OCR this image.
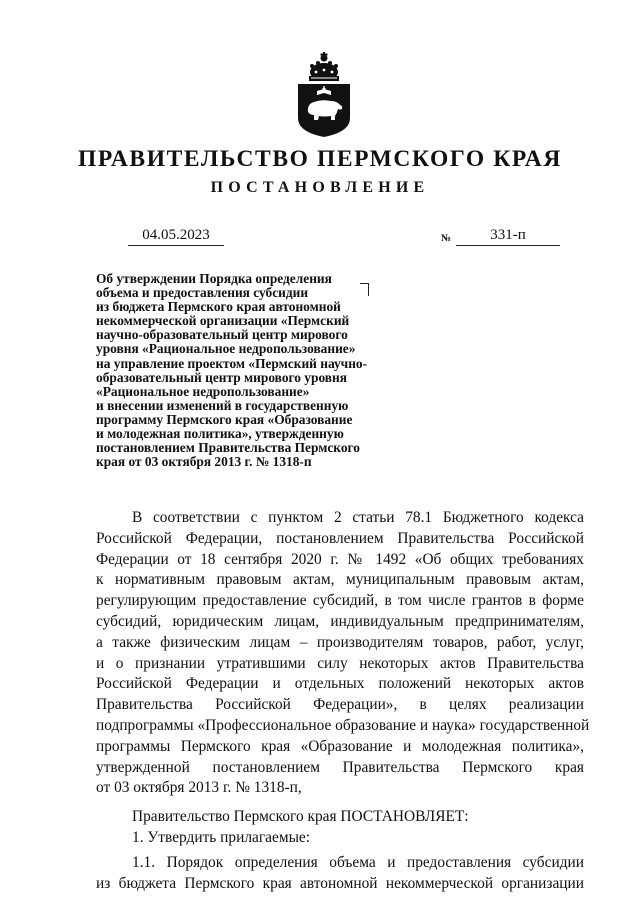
ПРАВИТЕЛЬСТВО ПЕРМСКОГО КРАЯ
ПОСТАНОВЛЕНИЕ
04.05.2023	№	331-п
Об утверждении Порядка определения
объема и предоставления субсидии
из бюджета Пермского края автономной
некоммерческой организации «Пермский
научно-образовательный центр мирового
уровня «Рациональное недропользование»
на управление проектом «Пермский научно-
образовательный центр мирового уровня
«Рациональное недропользование»
и внесении изменений в государственную
программу Пермского края «Образование
и молодежная политика», утвержденную
постановлением Правительства Пермского
края от 03 октября 2013 г. № 1318-п
В соответствии с пунктом 2 статьи 78.1 Бюджетного кодекса
Российской Федерации, постановлением Правительства Российской
Федерации от 18 сентября 2020 г. № 1492 «Об общих требованиях
к нормативным правовым актам, муниципальным правовым актам,
регулирующим предоставление субсидий, в том числе грантов в форме
субсидий, юридическим лицам, индивидуальным предпринимателям,
а также физическим лицам – производителям товаров, работ, услуг,
и о признании утратившими силу некоторых актов Правительства
Российской Федерации и отдельных положений некоторых актов
Правительства Российской Федерации», в целях реализации
подпрограммы «Профессиональное образование и наука» государственной
программы Пермского края «Образование и молодежная политика»,
утвержденной постановлением Правительства Пермского края
от 03 октября 2013 г. № 1318-п,
Правительство Пермского края ПОСТАНОВЛЯЕТ:
1. Утвердить прилагаемые:
1.1. Порядок определения объема и предоставления субсидии
из бюджета Пермского края автономной некоммерческой организации
